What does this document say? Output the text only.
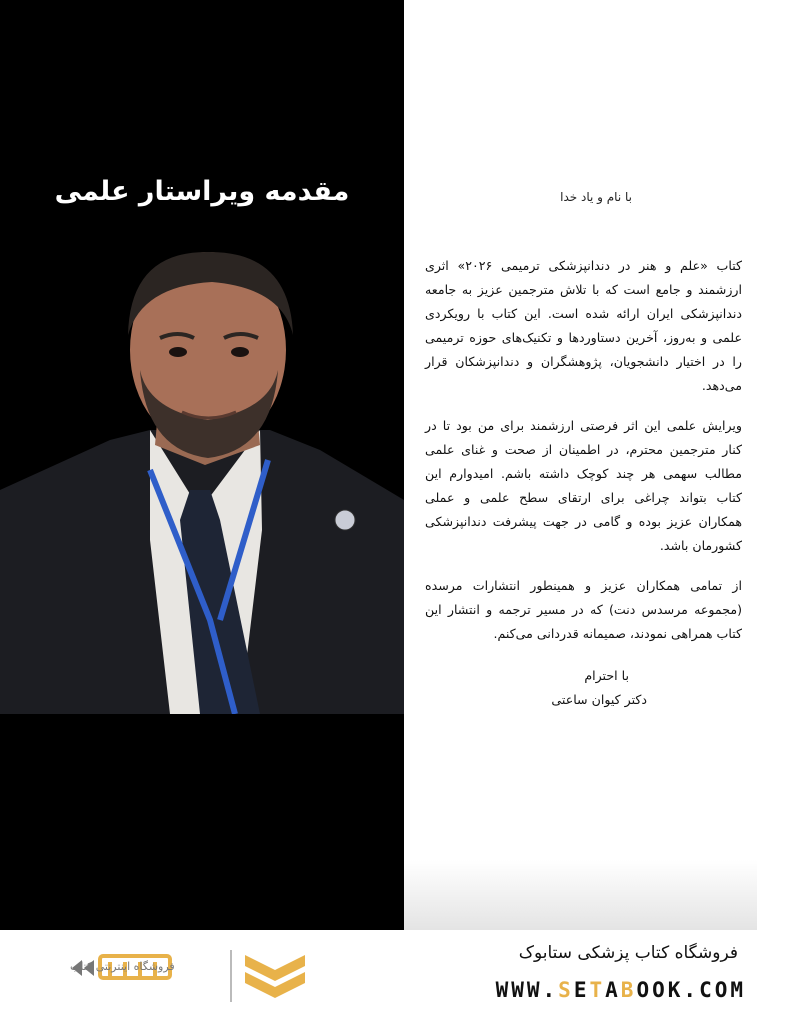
مقدمه ویراستار علمی	با نام و یاد خدا
کتاب «علم و هنر در دندانپزشکی ترمیمی ۲۰۲۶» اثری ارزشمند و جامع است که با تلاش مترجمین عزیز به جامعه دندانپزشکی ایران ارائه شده است. این کتاب با رویکردی علمی و به‌روز، آخرین دستاوردها و تکنیک‌های حوزه ترمیمی را در اختیار دانشجویان، پژوهشگران و دندانپزشکان قرار می‌دهد.
ویرایش علمی این اثر فرصتی ارزشمند برای من بود تا در کنار مترجمین محترم، در اطمینان از صحت و غنای علمی مطالب سهمی هر چند کوچک داشته باشم. امیدوارم این کتاب بتواند چراغی برای ارتقای سطح علمی و عملی همکاران عزیز بوده و گامی در جهت پیشرفت دندانپزشکی کشورمان باشد.
از تمامی همکاران عزیز و همینطور انتشارات مرسده (مجموعه مرسدس دنت) که در مسیر ترجمه و انتشار این کتاب همراهی نمودند، صمیمانه قدردانی می‌کنم.
با احترام
دکتر کیوان ساعتی
فروشگاه اینترنتی کتاب
فروشگاه کتاب پزشکی ستابوک
WWW.SETABOOK.COM
